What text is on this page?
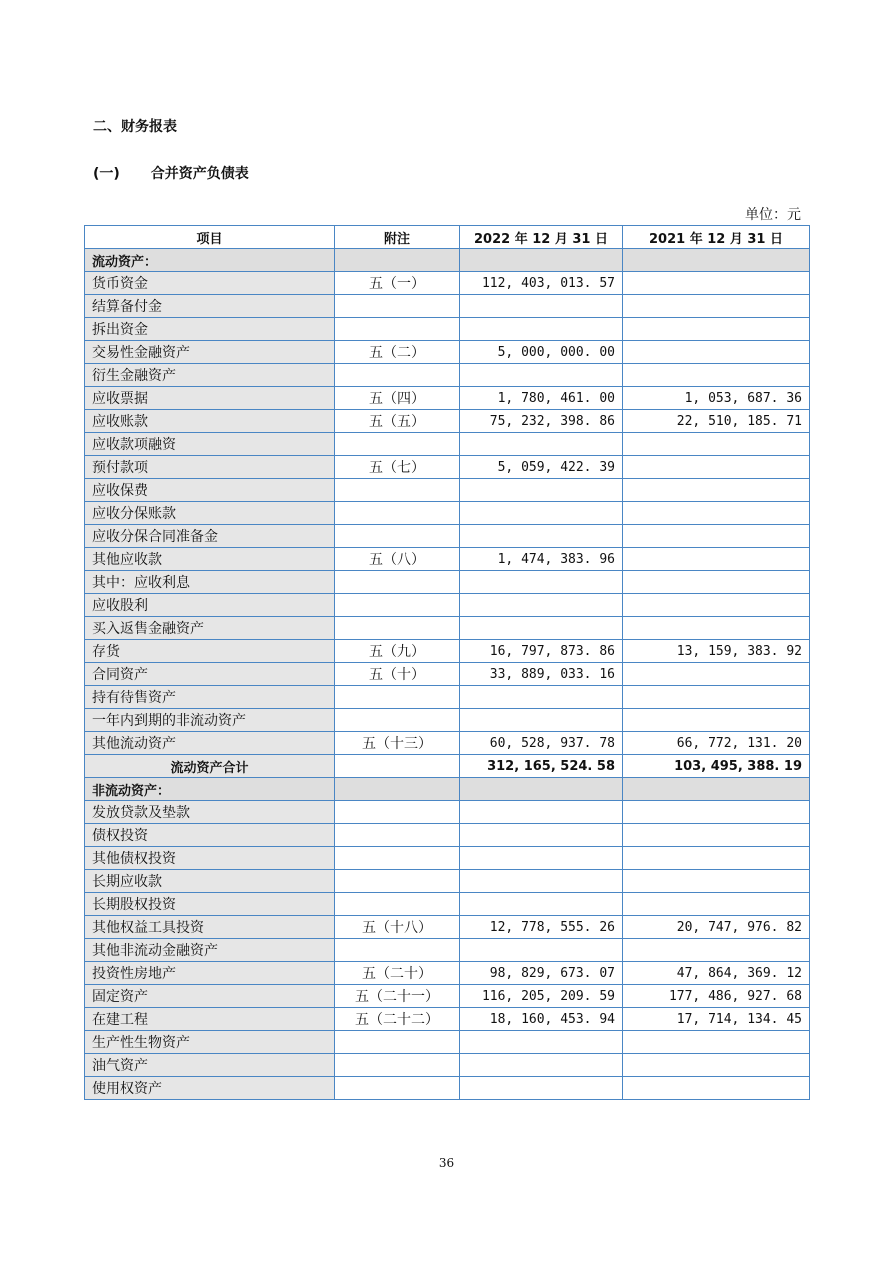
二、财务报表
(一) 合并资产负债表
单位：元
项目	附注	2022 年 12 月 31 日	2021 年 12 月 31 日
流动资产：			
货币资金	五（一）	112, 403, 013. 57	
结算备付金			
拆出资金			
交易性金融资产	五（二）	5, 000, 000. 00	
衍生金融资产			
应收票据	五（四）	1, 780, 461. 00	1, 053, 687. 36
应收账款	五（五）	75, 232, 398. 86	22, 510, 185. 71
应收款项融资			
预付款项	五（七）	5, 059, 422. 39	
应收保费			
应收分保账款			
应收分保合同准备金			
其他应收款	五（八）	1, 474, 383. 96	
其中：应收利息			
应收股利			
买入返售金融资产			
存货	五（九）	16, 797, 873. 86	13, 159, 383. 92
合同资产	五（十）	33, 889, 033. 16	
持有待售资产			
一年内到期的非流动资产			
其他流动资产	五（十三）	60, 528, 937. 78	66, 772, 131. 20
流动资产合计		312, 165, 524. 58	103, 495, 388. 19
非流动资产：			
发放贷款及垫款			
债权投资			
其他债权投资			
长期应收款			
长期股权投资			
其他权益工具投资	五（十八）	12, 778, 555. 26	20, 747, 976. 82
其他非流动金融资产			
投资性房地产	五（二十）	98, 829, 673. 07	47, 864, 369. 12
固定资产	五（二十一）	116, 205, 209. 59	177, 486, 927. 68
在建工程	五（二十二）	18, 160, 453. 94	17, 714, 134. 45
生产性生物资产			
油气资产			
使用权资产			
36
